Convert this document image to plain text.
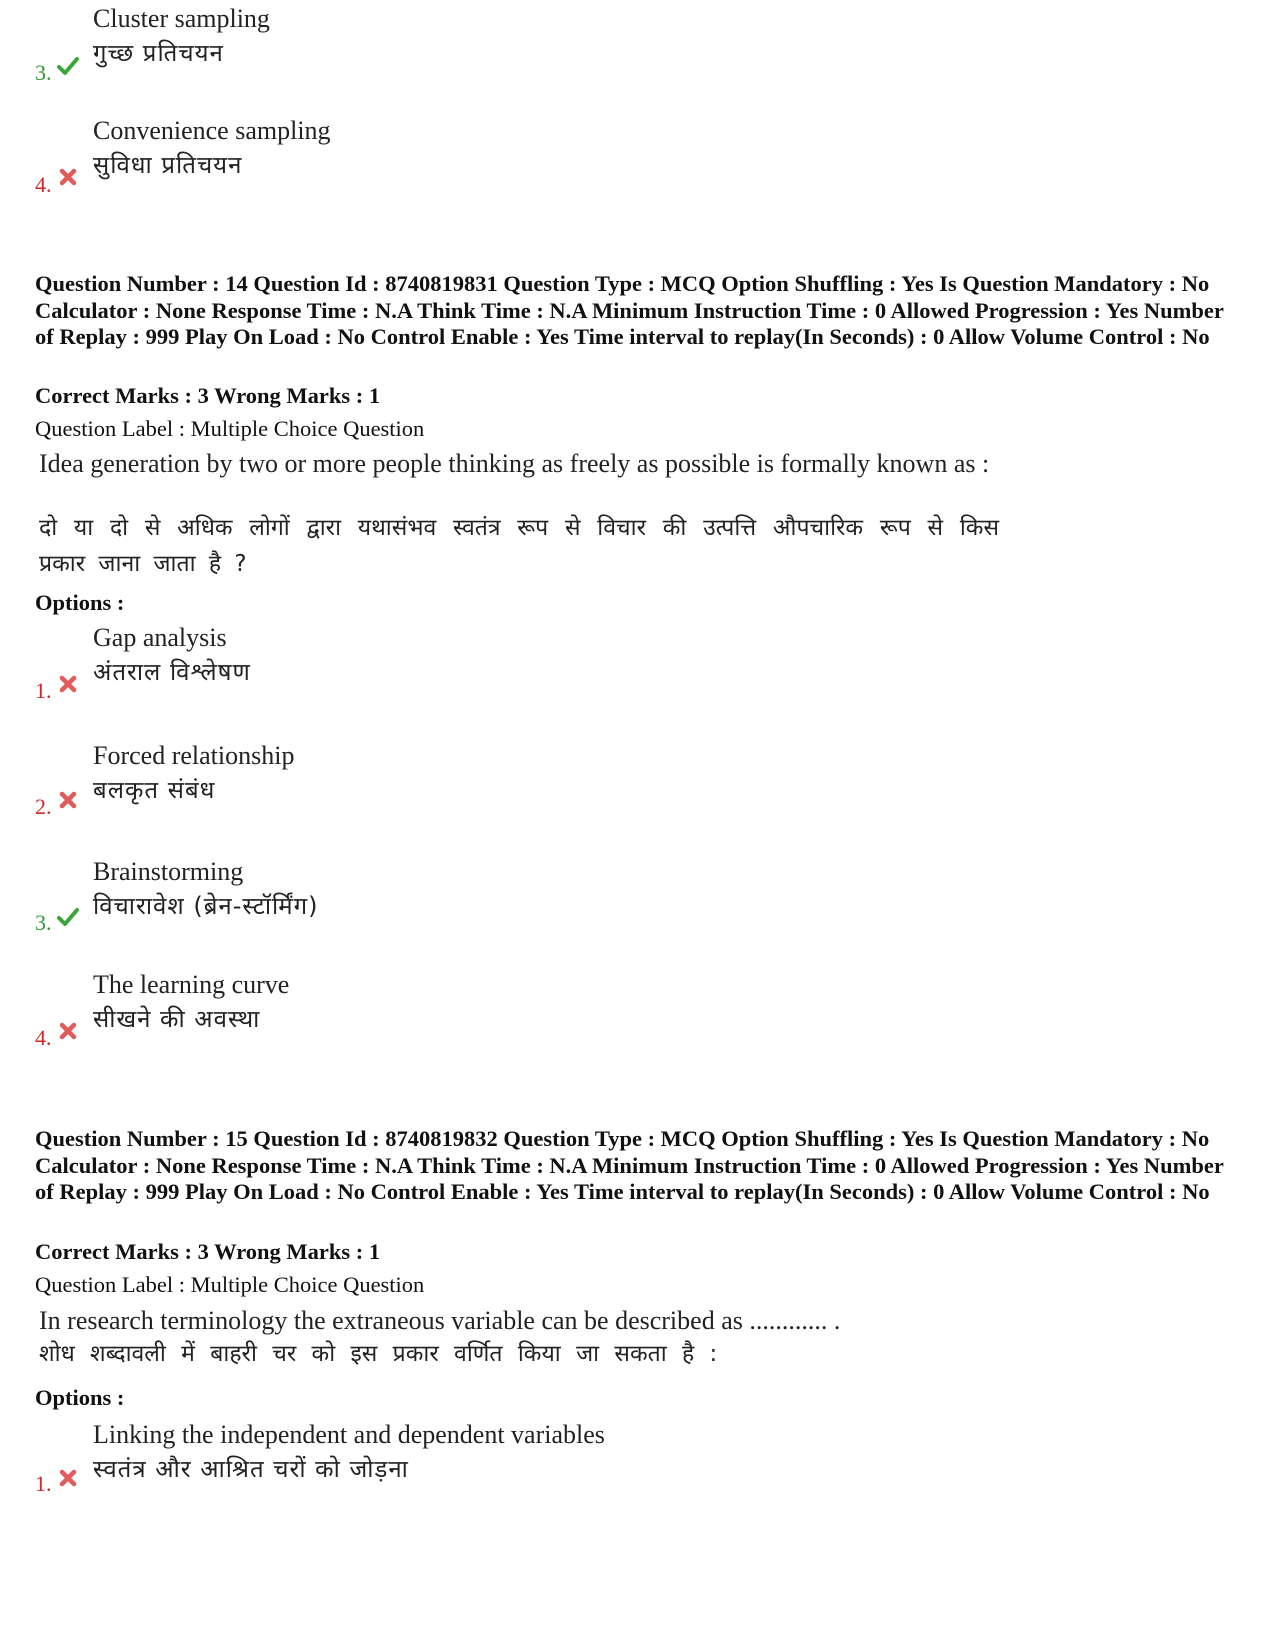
3.
Cluster sampling
गुच्छ प्रतिचयन
4.
Convenience sampling
सुविधा प्रतिचयन
Question Number : 14 Question Id : 8740819831 Question Type : MCQ Option Shuffling : Yes Is Question Mandatory : No Calculator : None Response Time : N.A Think Time : N.A Minimum Instruction Time : 0 Allowed Progression : Yes Number of Replay : 999 Play On Load : No Control Enable : Yes Time interval to replay(In Seconds) : 0 Allow Volume Control : No
Correct Marks : 3 Wrong Marks : 1
Question Label : Multiple Choice Question
Idea generation by two or more people thinking as freely as possible is formally known as :
दो या दो से अधिक लोगों द्वारा यथासंभव स्वतंत्र रूप से विचार की उत्पत्ति औपचारिक रूप से किस प्रकार जाना जाता है ?
Options :
1.
Gap analysis
अंतराल विश्लेषण
2.
Forced relationship
बलकृत संबंध
3.
Brainstorming
विचारावेश (ब्रेन-स्टॉर्मिंग)
4.
The learning curve
सीखने की अवस्था
Question Number : 15 Question Id : 8740819832 Question Type : MCQ Option Shuffling : Yes Is Question Mandatory : No Calculator : None Response Time : N.A Think Time : N.A Minimum Instruction Time : 0 Allowed Progression : Yes Number of Replay : 999 Play On Load : No Control Enable : Yes Time interval to replay(In Seconds) : 0 Allow Volume Control : No
Correct Marks : 3 Wrong Marks : 1
Question Label : Multiple Choice Question
In research terminology the extraneous variable can be described as ............ .
शोध शब्दावली में बाहरी चर को इस प्रकार वर्णित किया जा सकता है :
Options :
1.
Linking the independent and dependent variables
स्वतंत्र और आश्रित चरों को जोड़ना
